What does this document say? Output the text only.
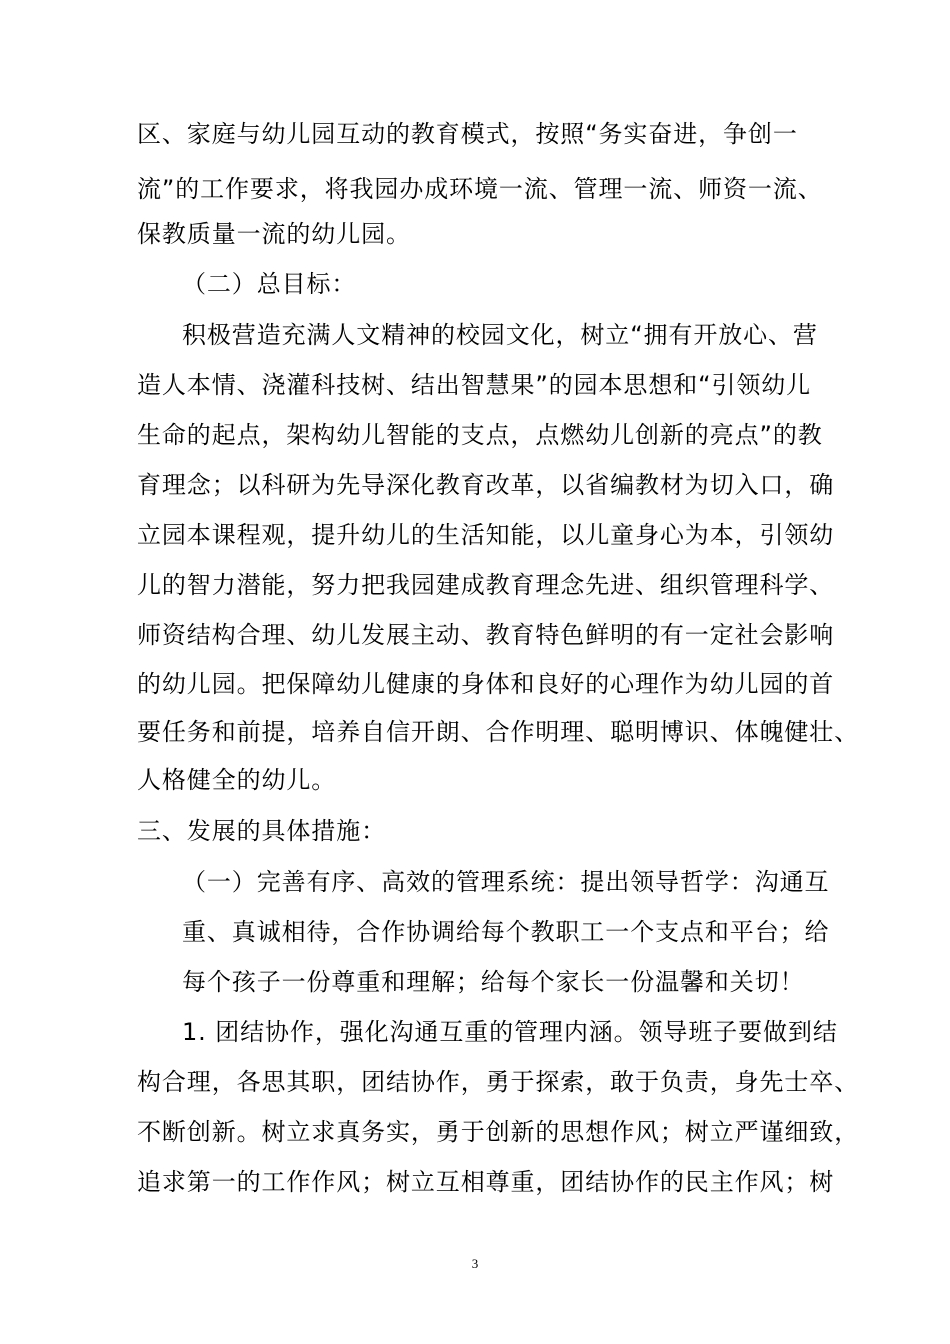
区、家庭与幼儿园互动的教育模式，按照“务实奋进，争创一
流”的工作要求，将我园办成环境一流、管理一流、师资一流、
保教质量一流的幼儿园。
（二）总目标：
积极营造充满人文精神的校园文化，树立“拥有开放心、营
造人本情、浇灌科技树、结出智慧果”的园本思想和“引领幼儿
生命的起点，架构幼儿智能的支点，点燃幼儿创新的亮点”的教
育理念；以科研为先导深化教育改革，以省编教材为切入口，确
立园本课程观，提升幼儿的生活知能，以儿童身心为本，引领幼
儿的智力潜能，努力把我园建成教育理念先进、组织管理科学、
师资结构合理、幼儿发展主动、教育特色鲜明的有一定社会影响
的幼儿园。把保障幼儿健康的身体和良好的心理作为幼儿园的首
要任务和前提，培养自信开朗、合作明理、聪明博识、体魄健壮、
人格健全的幼儿。
三、发展的具体措施：
（一）完善有序、高效的管理系统：提出领导哲学：沟通互
重、真诚相待，合作协调给每个教职工一个支点和平台；给
每个孩子一份尊重和理解；给每个家长一份温馨和关切！
1. 团结协作，强化沟通互重的管理内涵。领导班子要做到结
构合理，各思其职，团结协作，勇于探索，敢于负责，身先士卒、
不断创新。树立求真务实，勇于创新的思想作风；树立严谨细致，
追求第一的工作作风；树立互相尊重，团结协作的民主作风；树
3
